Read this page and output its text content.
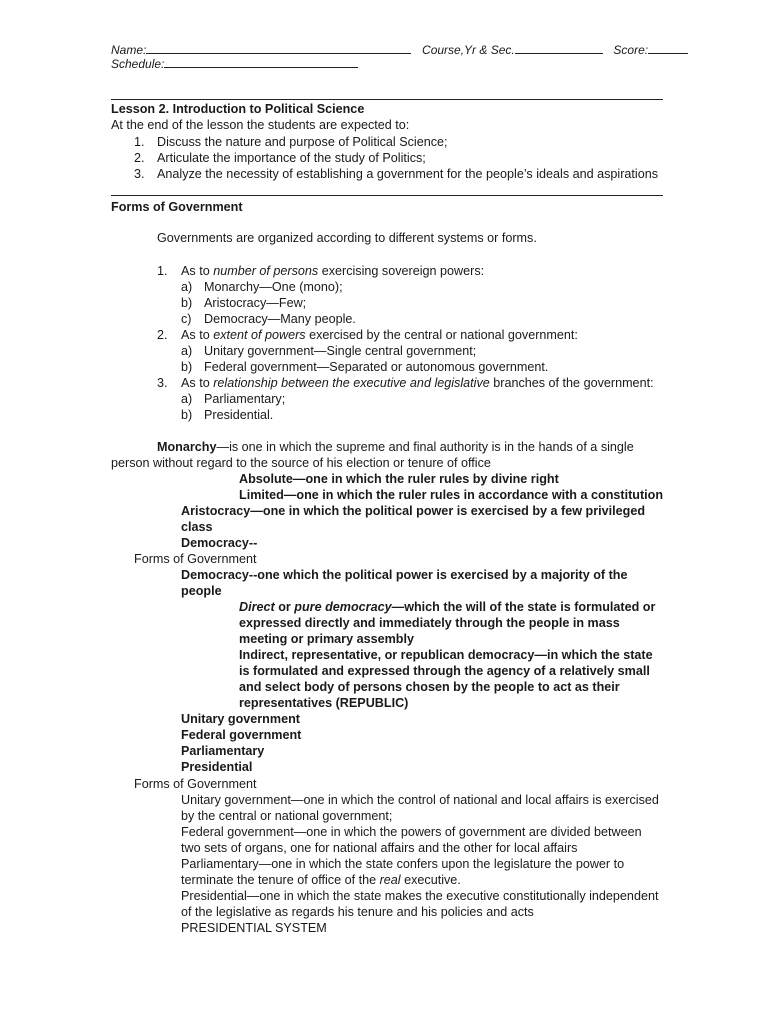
Name:	Course,Yr & Sec.	Score:
Schedule:
Lesson 2. Introduction to Political Science
At the end of the lesson the students are expected to:
1. Discuss the nature and purpose of Political Science;
2. Articulate the importance of the study of Politics;
3. Analyze the necessity of establishing a government for the people’s ideals and aspirations
Forms of Government
Governments are organized according to different systems or forms.
1. As to number of persons exercising sovereign powers:
a) Monarchy—One (mono);
b) Aristocracy—Few;
c) Democracy—Many people.
2. As to extent of powers exercised by the central or national government:
a) Unitary government—Single central government;
b) Federal government—Separated or autonomous government.
3. As to relationship between the executive and legislative branches of the government:
a) Parliamentary;
b) Presidential.
Monarchy—is one in which the supreme and final authority is in the hands of a single
person without regard to the source of his election or tenure of office
Absolute—one in which the ruler rules by divine right
Limited—one in which the ruler rules in accordance with a constitution
Aristocracy—one in which the political power is exercised by a few privileged
class
Democracy--
Forms of Government
Democracy--one which the political power is exercised by a majority of the
people
Direct or pure democracy—which the will of the state is formulated or
expressed directly and immediately through the people in mass
meeting or primary assembly
Indirect, representative, or republican democracy—in which the state
is formulated and expressed through the agency of a relatively small
and select body of persons chosen by the people to act as their
representatives (REPUBLIC)
Unitary government
Federal government
Parliamentary
Presidential
Forms of Government
Unitary government—one in which the control of national and local affairs is exercised
by the central or national government;
Federal government—one in which the powers of government are divided between
two sets of organs, one for national affairs and the other for local affairs
Parliamentary—one in which the state confers upon the legislature the power to
terminate the tenure of office of the real executive.
Presidential—one in which the state makes the executive constitutionally independent
of the legislative as regards his tenure and his policies and acts
PRESIDENTIAL SYSTEM
